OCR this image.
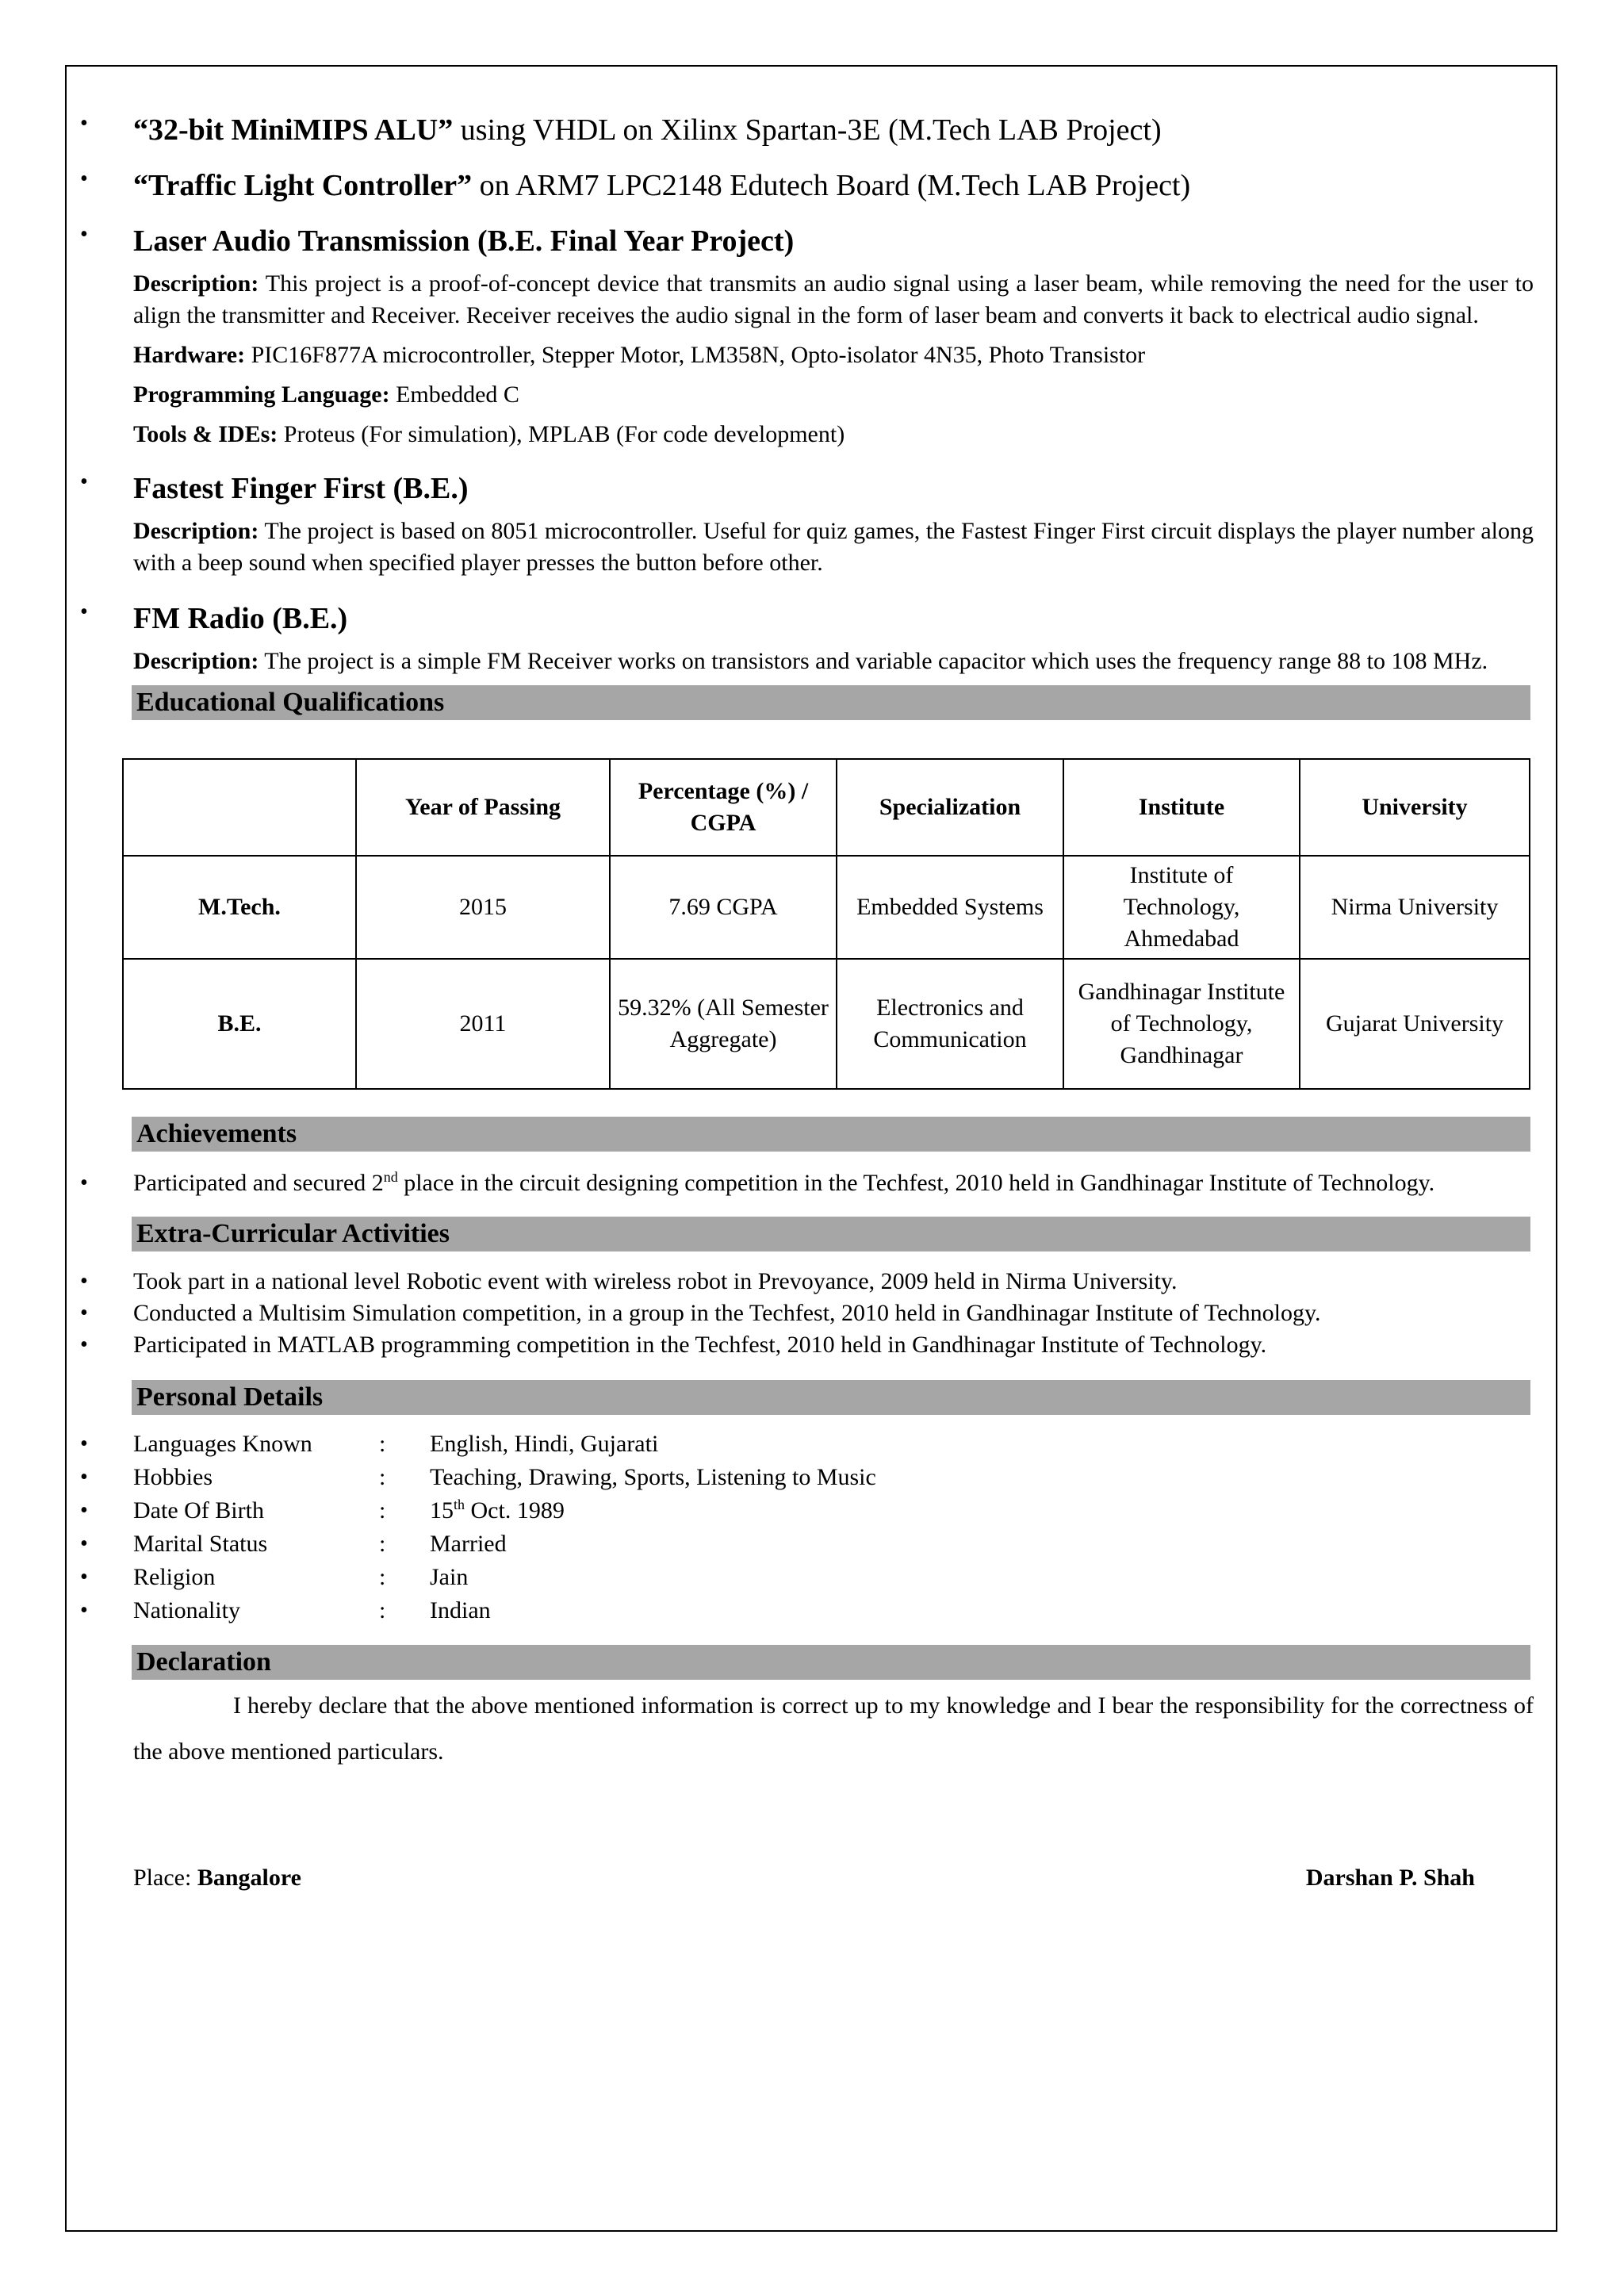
• “32-bit MiniMIPS ALU” using VHDL on Xilinx Spartan-3E (M.Tech LAB Project)
• “Traffic Light Controller” on ARM7 LPC2148 Edutech Board (M.Tech LAB Project)
• Laser Audio Transmission (B.E. Final Year Project)
Description: This project is a proof-of-concept device that transmits an audio signal using a laser beam, while removing the need for the user to align the transmitter and Receiver. Receiver receives the audio signal in the form of laser beam and converts it back to electrical audio signal.
Hardware: PIC16F877A microcontroller, Stepper Motor, LM358N, Opto-isolator 4N35, Photo Transistor
Programming Language: Embedded C
Tools & IDEs: Proteus (For simulation), MPLAB (For code development)
• Fastest Finger First (B.E.)
Description: The project is based on 8051 microcontroller. Useful for quiz games, the Fastest Finger First circuit displays the player number along with a beep sound when specified player presses the button before other.
• FM Radio (B.E.)
Description: The project is a simple FM Receiver works on transistors and variable capacitor which uses the frequency range 88 to 108 MHz.
Educational Qualifications
	Year of Passing	Percentage (%) / CGPA	Specialization	Institute	University
M.Tech.	2015	7.69 CGPA	Embedded Systems	Institute of Technology, Ahmedabad	Nirma University
B.E.	2011	59.32% (All Semester Aggregate)	Electronics and Communication	Gandhinagar Institute of Technology, Gandhinagar	Gujarat University
Achievements
• Participated and secured 2nd place in the circuit designing competition in the Techfest, 2010 held in Gandhinagar Institute of Technology.
Extra-Curricular Activities
• Took part in a national level Robotic event with wireless robot in Prevoyance, 2009 held in Nirma University.
• Conducted a Multisim Simulation competition, in a group in the Techfest, 2010 held in Gandhinagar Institute of Technology.
• Participated in MATLAB programming competition in the Techfest, 2010 held in Gandhinagar Institute of Technology.
Personal Details
• Languages Known	:	English, Hindi, Gujarati
• Hobbies	:	Teaching, Drawing, Sports, Listening to Music
• Date Of Birth	:	15th Oct. 1989
• Marital Status	:	Married
• Religion	:	Jain
• Nationality	:	Indian
Declaration
I hereby declare that the above mentioned information is correct up to my knowledge and I bear the responsibility for the correctness of the above mentioned particulars.
Place: Bangalore	Darshan P. Shah
